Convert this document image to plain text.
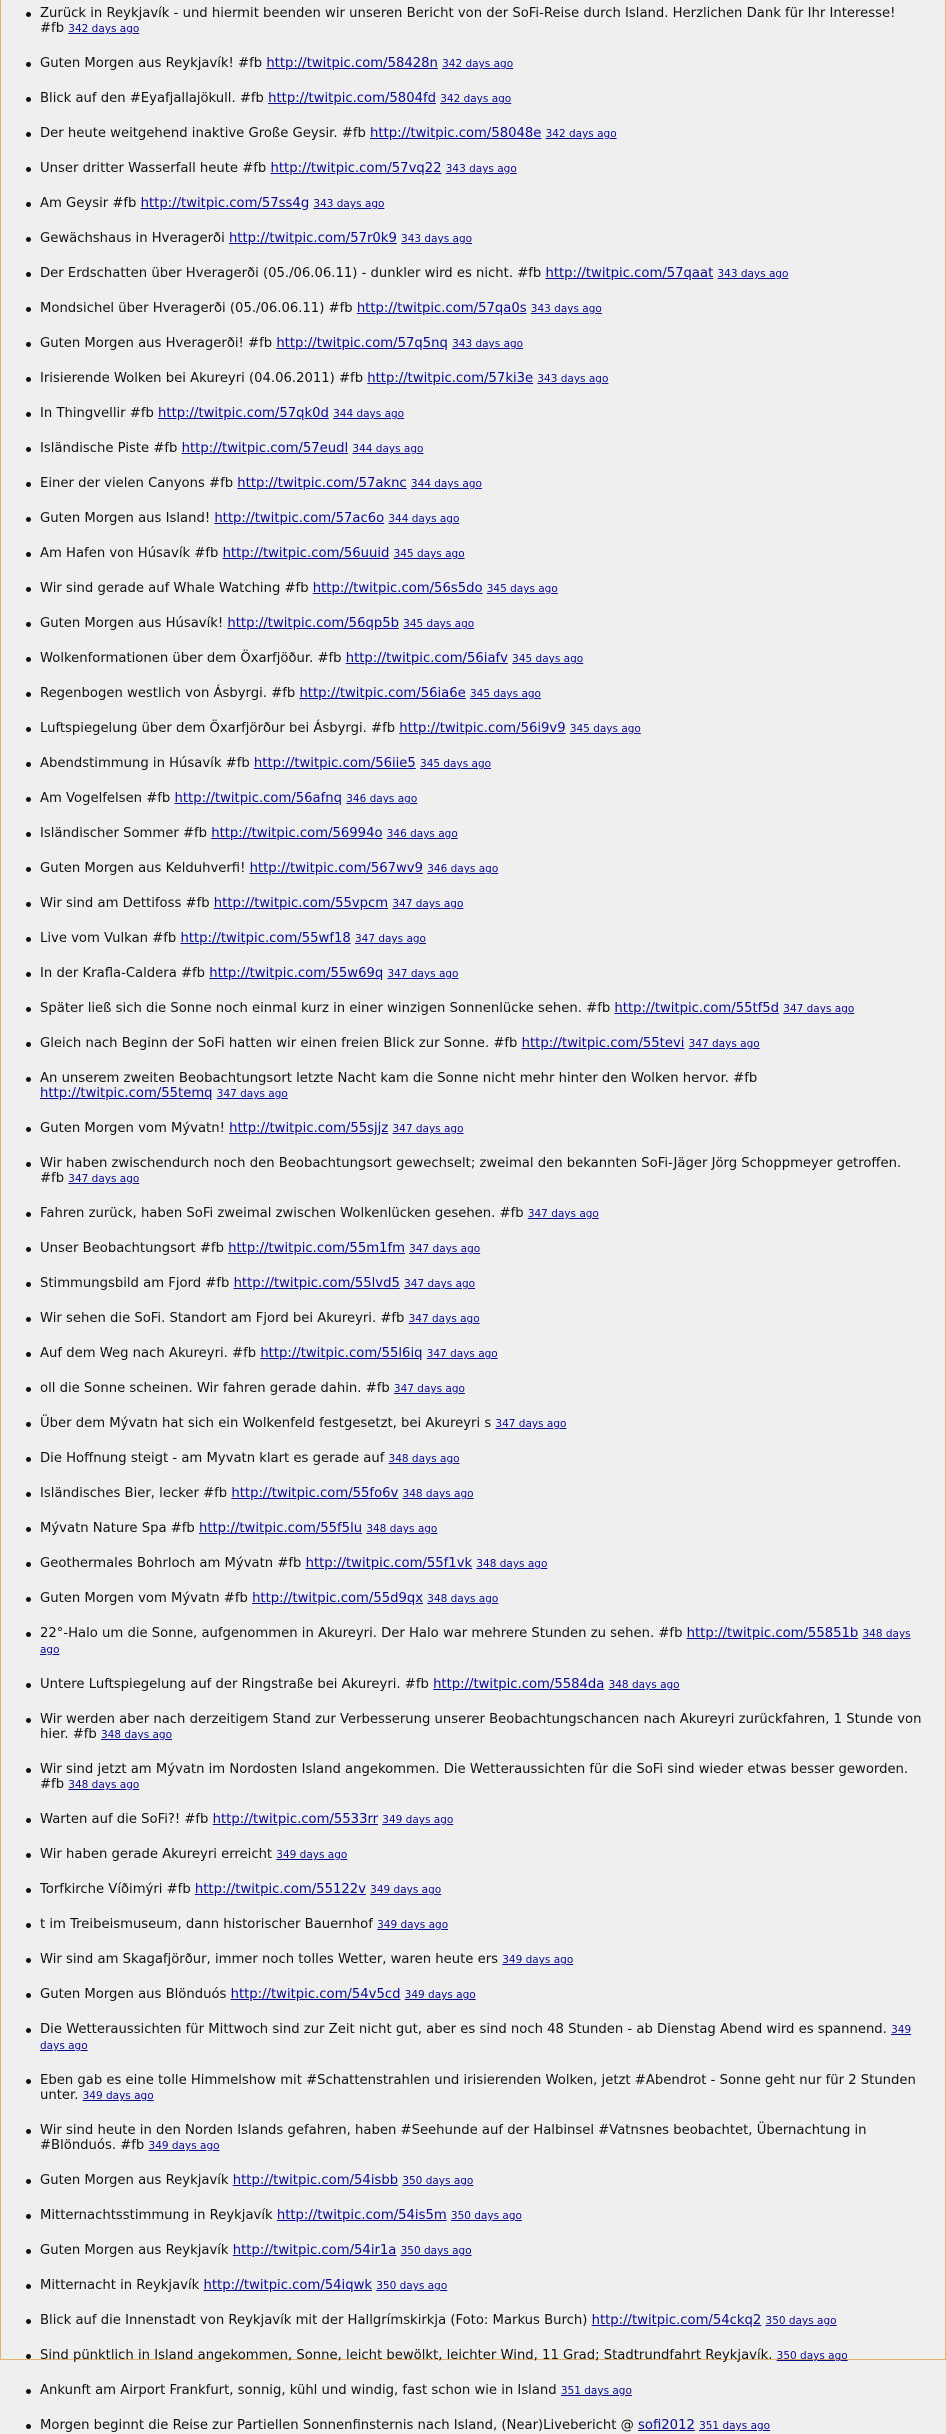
Zurück in Reykjavík - und hiermit beenden wir unseren Bericht von der SoFi-Reise durch Island. Herzlichen Dank für Ihr Interesse! #fb 342 days ago
Guten Morgen aus Reykjavík! #fb http://twitpic.com/58428n 342 days ago
Blick auf den #Eyafjallajökull. #fb http://twitpic.com/5804fd 342 days ago
Der heute weitgehend inaktive Große Geysir. #fb http://twitpic.com/58048e 342 days ago
Unser dritter Wasserfall heute #fb http://twitpic.com/57vq22 343 days ago
Am Geysir #fb http://twitpic.com/57ss4g 343 days ago
Gewächshaus in Hveragerði http://twitpic.com/57r0k9 343 days ago
Der Erdschatten über Hveragerði (05./06.06.11) - dunkler wird es nicht. #fb http://twitpic.com/57qaat 343 days ago
Mondsichel über Hveragerði (05./06.06.11) #fb http://twitpic.com/57qa0s 343 days ago
Guten Morgen aus Hveragerði! #fb http://twitpic.com/57q5nq 343 days ago
Irisierende Wolken bei Akureyri (04.06.2011) #fb http://twitpic.com/57ki3e 343 days ago
In Thingvellir #fb http://twitpic.com/57qk0d 344 days ago
Isländische Piste #fb http://twitpic.com/57eudl 344 days ago
Einer der vielen Canyons #fb http://twitpic.com/57aknc 344 days ago
Guten Morgen aus Island! http://twitpic.com/57ac6o 344 days ago
Am Hafen von Húsavík #fb http://twitpic.com/56uuid 345 days ago
Wir sind gerade auf Whale Watching #fb http://twitpic.com/56s5do 345 days ago
Guten Morgen aus Húsavík! http://twitpic.com/56qp5b 345 days ago
Wolkenformationen über dem Öxarfjöður. #fb http://twitpic.com/56iafv 345 days ago
Regenbogen westlich von Ásbyrgi. #fb http://twitpic.com/56ia6e 345 days ago
Luftspiegelung über dem Öxarfjörður bei Ásbyrgi. #fb http://twitpic.com/56i9v9 345 days ago
Abendstimmung in Húsavík #fb http://twitpic.com/56iie5 345 days ago
Am Vogelfelsen #fb http://twitpic.com/56afnq 346 days ago
Isländischer Sommer #fb http://twitpic.com/56994o 346 days ago
Guten Morgen aus Kelduhverfi! http://twitpic.com/567wv9 346 days ago
Wir sind am Dettifoss #fb http://twitpic.com/55vpcm 347 days ago
Live vom Vulkan #fb http://twitpic.com/55wf18 347 days ago
In der Krafla-Caldera #fb http://twitpic.com/55w69q 347 days ago
Später ließ sich die Sonne noch einmal kurz in einer winzigen Sonnenlücke sehen. #fb http://twitpic.com/55tf5d 347 days ago
Gleich nach Beginn der SoFi hatten wir einen freien Blick zur Sonne. #fb http://twitpic.com/55tevi 347 days ago
An unserem zweiten Beobachtungsort letzte Nacht kam die Sonne nicht mehr hinter den Wolken hervor. #fb http://twitpic.com/55temq 347 days ago
Guten Morgen vom Mývatn! http://twitpic.com/55sjjz 347 days ago
Wir haben zwischendurch noch den Beobachtungsort gewechselt; zweimal den bekannten SoFi-Jäger Jörg Schoppmeyer getroffen. #fb 347 days ago
Fahren zurück, haben SoFi zweimal zwischen Wolkenlücken gesehen. #fb 347 days ago
Unser Beobachtungsort #fb http://twitpic.com/55m1fm 347 days ago
Stimmungsbild am Fjord #fb http://twitpic.com/55lvd5 347 days ago
Wir sehen die SoFi. Standort am Fjord bei Akureyri. #fb 347 days ago
Auf dem Weg nach Akureyri. #fb http://twitpic.com/55l6iq 347 days ago
oll die Sonne scheinen. Wir fahren gerade dahin. #fb 347 days ago
Über dem Mývatn hat sich ein Wolkenfeld festgesetzt, bei Akureyri s 347 days ago
Die Hoffnung steigt - am Myvatn klart es gerade auf 348 days ago
Isländisches Bier, lecker #fb http://twitpic.com/55fo6v 348 days ago
Mývatn Nature Spa #fb http://twitpic.com/55f5lu 348 days ago
Geothermales Bohrloch am Mývatn #fb http://twitpic.com/55f1vk 348 days ago
Guten Morgen vom Mývatn #fb http://twitpic.com/55d9qx 348 days ago
22°-Halo um die Sonne, aufgenommen in Akureyri. Der Halo war mehrere Stunden zu sehen. #fb http://twitpic.com/55851b 348 days ago
Untere Luftspiegelung auf der Ringstraße bei Akureyri. #fb http://twitpic.com/5584da 348 days ago
Wir werden aber nach derzeitigem Stand zur Verbesserung unserer Beobachtungschancen nach Akureyri zurückfahren, 1 Stunde von hier. #fb 348 days ago
Wir sind jetzt am Mývatn im Nordosten Island angekommen. Die Wetteraussichten für die SoFi sind wieder etwas besser geworden. #fb 348 days ago
Warten auf die SoFi?! #fb http://twitpic.com/5533rr 349 days ago
Wir haben gerade Akureyri erreicht 349 days ago
Torfkirche Víðimýri #fb http://twitpic.com/55122v 349 days ago
t im Treibeismuseum, dann historischer Bauernhof 349 days ago
Wir sind am Skagafjörður, immer noch tolles Wetter, waren heute ers 349 days ago
Guten Morgen aus Blönduós http://twitpic.com/54v5cd 349 days ago
Die Wetteraussichten für Mittwoch sind zur Zeit nicht gut, aber es sind noch 48 Stunden - ab Dienstag Abend wird es spannend. 349 days ago
Eben gab es eine tolle Himmelshow mit #Schattenstrahlen und irisierenden Wolken, jetzt #Abendrot - Sonne geht nur für 2 Stunden unter. 349 days ago
Wir sind heute in den Norden Islands gefahren, haben #Seehunde auf der Halbinsel #Vatnsnes beobachtet, Übernachtung in #Blönduós. #fb 349 days ago
Guten Morgen aus Reykjavík http://twitpic.com/54isbb 350 days ago
Mitternachtsstimmung in Reykjavík http://twitpic.com/54is5m 350 days ago
Guten Morgen aus Reykjavík http://twitpic.com/54ir1a 350 days ago
Mitternacht in Reykjavík http://twitpic.com/54iqwk 350 days ago
Blick auf die Innenstadt von Reykjavík mit der Hallgrímskirkja (Foto: Markus Burch) http://twitpic.com/54ckq2 350 days ago
Sind pünktlich in Island angekommen, Sonne, leicht bewölkt, leichter Wind, 11 Grad; Stadtrundfahrt Reykjavík. 350 days ago
Ankunft am Airport Frankfurt, sonnig, kühl und windig, fast schon wie in Island 351 days ago
Morgen beginnt die Reise zur Partiellen Sonnenfinsternis nach Island, (Near)Livebericht @ sofi2012 351 days ago
